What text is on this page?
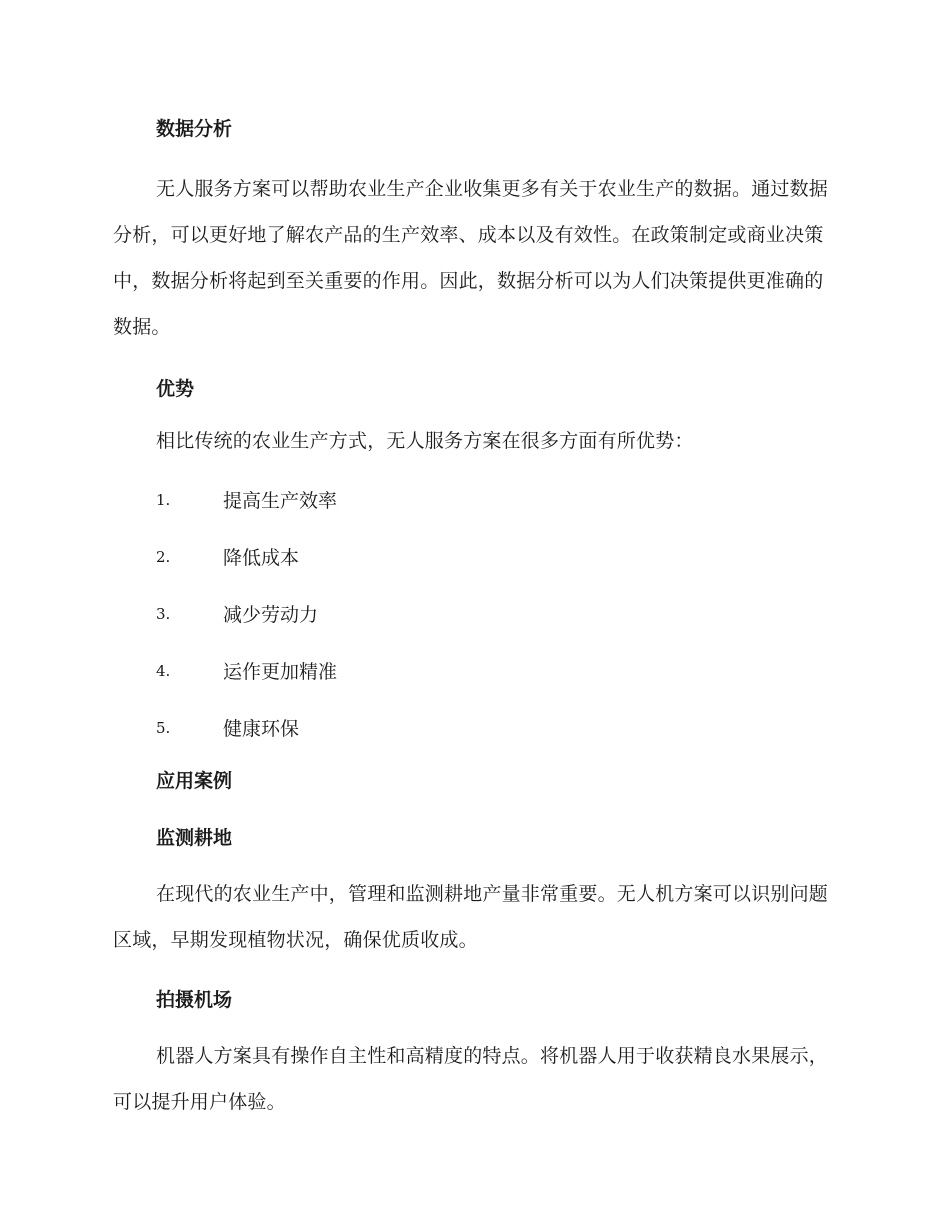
数据分析

无人服务方案可以帮助农业生产企业收集更多有关于农业生产的数据。通过数据分析，可以更好地了解农产品的生产效率、成本以及有效性。在政策制定或商业决策中，数据分析将起到至关重要的作用。因此，数据分析可以为人们决策提供更准确的数据。

优势

相比传统的农业生产方式，无人服务方案在很多方面有所优势：

1.	提高生产效率
2.	降低成本
3.	减少劳动力
4.	运作更加精准
5.	健康环保
应用案例
监测耕地

在现代的农业生产中，管理和监测耕地产量非常重要。无人机方案可以识别问题区域，早期发现植物状况，确保优质收成。

拍摄机场

机器人方案具有操作自主性和高精度的特点。将机器人用于收获精良水果展示，可以提升用户体验。
